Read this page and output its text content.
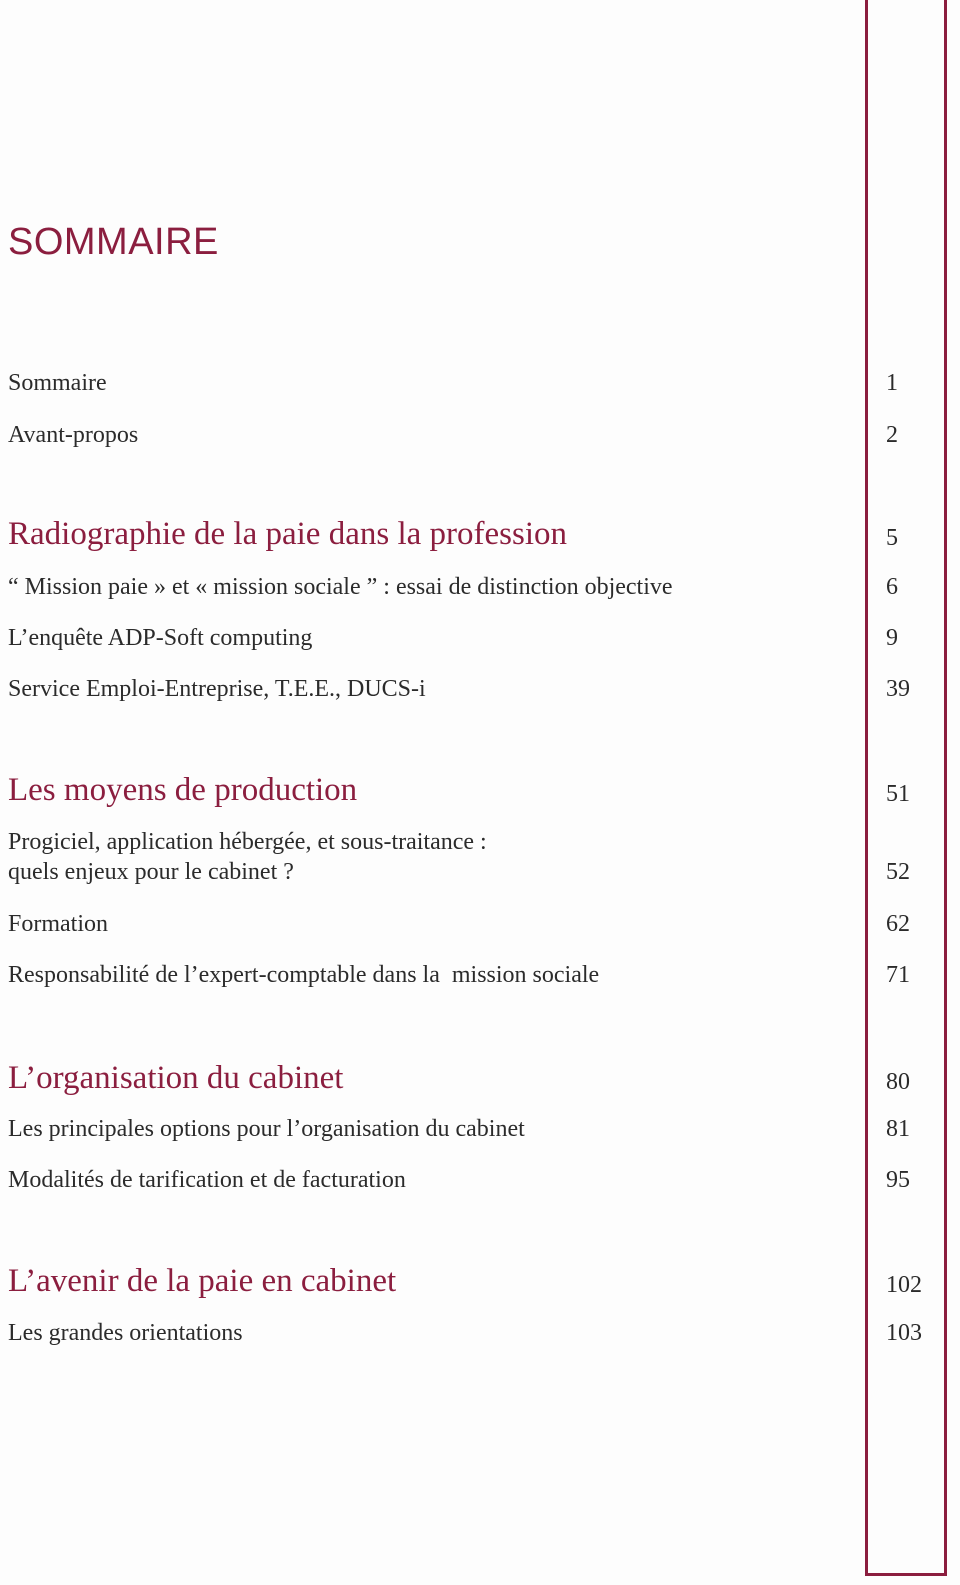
SOMMAIRE
Sommaire	1
Avant-propos	2
Radiographie de la paie dans la profession	5
“ Mission paie » et « mission sociale ” : essai de distinction objective	6
L’enquête ADP-Soft computing	9
Service Emploi-Entreprise, T.E.E., DUCS-i	39
Les moyens de production	51
Progiciel, application hébergée, et sous-traitance :
quels enjeux pour le cabinet ?	52
Formation	62
Responsabilité de l’expert-comptable dans la  mission sociale	71
L’organisation du cabinet	80
Les principales options pour l’organisation du cabinet	81
Modalités de tarification et de facturation	95
L’avenir de la paie en cabinet	102
Les grandes orientations	103
